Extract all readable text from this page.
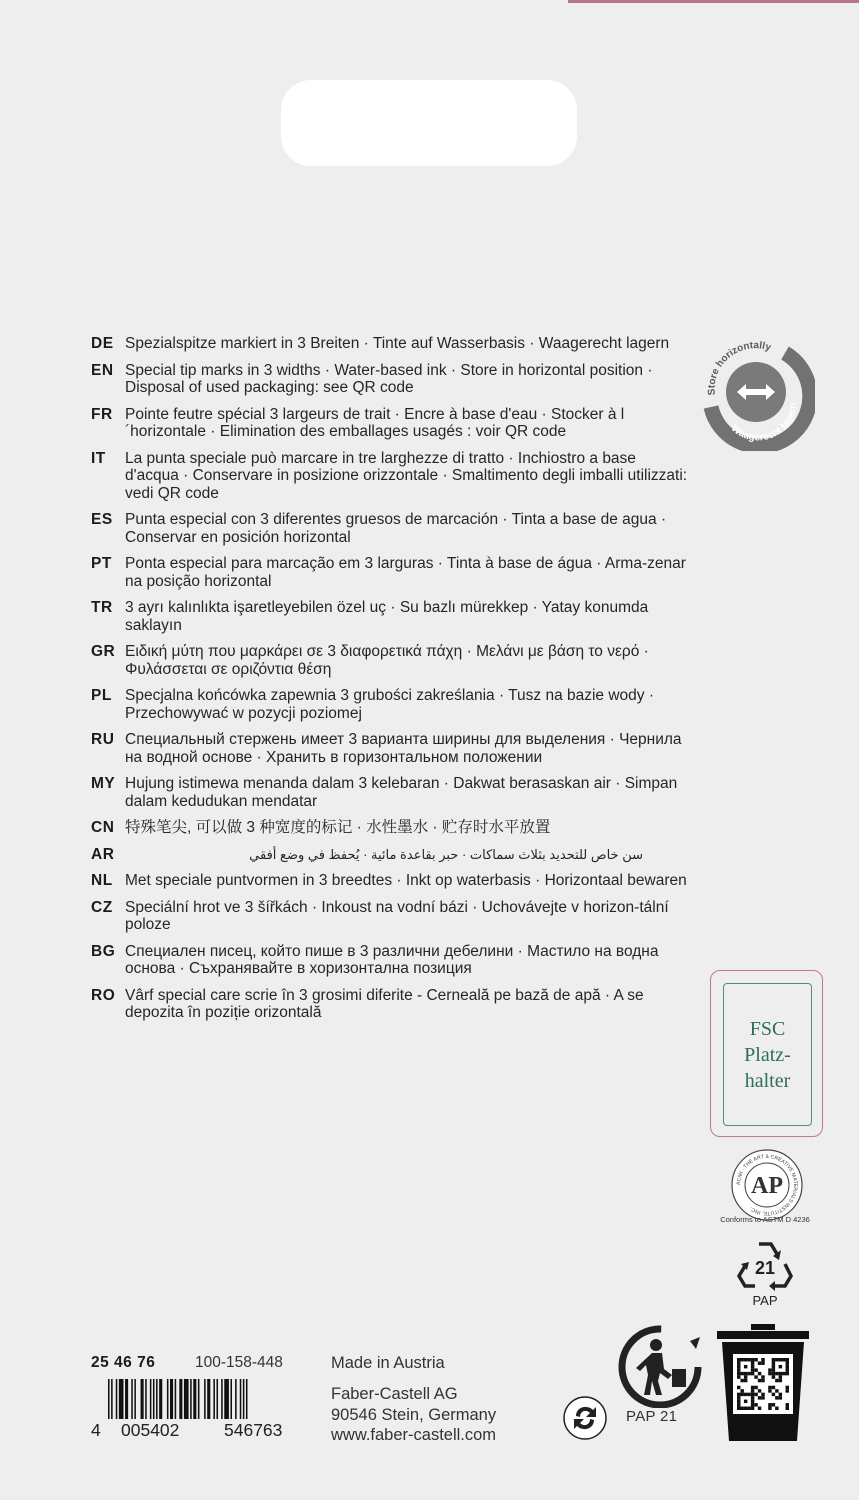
DE Spezialspitze markiert in 3 Breiten · Tinte auf Wasserbasis · Waagerecht lagern
EN Special tip marks in 3 widths · Water-based ink · Store in horizontal position · Disposal of used packaging: see QR code
FR Pointe feutre spécial 3 largeurs de trait · Encre à base d'eau · Stocker à l´horizontale · Elimination des emballages usagés : voir QR code
IT	La punta speciale può marcare in tre larghezze di tratto · Inchiostro a base d'acqua · Conservare in posizione orizzontale · Smaltimento degli imballi utilizzati: vedi QR code
ES Punta especial con 3 diferentes gruesos de marcación · Tinta a base de agua · Conservar en posición horizontal
PT Ponta especial para marcação em 3 larguras · Tinta à base de água · Arma-zenar na posição horizontal
TR 3 ayrı kalınlıkta işaretleyebilen özel uç · Su bazlı mürekkep · Yatay konumda saklayın
GR Ειδική μύτη που μαρκάρει σε 3 διαφορετικά πάχη · Μελάνι με βάση το νερό · Φυλάσσεται σε οριζόντια θέση
PL Specjalna końcówka zapewnia 3 grubości zakreślania · Tusz na bazie wody · Przechowywać w pozycji poziomej
RU Специальный стержень имеет 3 варианта ширины для выделения · Чернила на водной основе · Хранить в горизонтальном положении
MY Hujung istimewa menanda dalam 3 kelebaran · Dakwat berasaskan air · Simpan dalam kedudukan mendatar
CN 特殊笔尖, 可以做 3 种宽度的标记 · 水性墨水 · 贮存时水平放置
AR	سن خاص للتحديد بثلاث سماكات · حبر بقاعدة مائية · يُحفظ في وضع أفقي
NL Met speciale puntvormen in 3 breedtes · Inkt op waterbasis · Horizontaal bewaren
CZ Speciální hrot ve 3 šířkách · Inkoust na vodní bázi · Uchovávejte v horizon-tální poloze
BG Специален писец, който пише в 3 различни дебелини · Мастило на водна основа · Съхранявайте в хоризонтална позиция
RO Vârf special care scrie în 3 grosimi diferite - Cerneală pe bază de apă · A se depozita în poziție orizontală
Store horizontally
Waagerecht lagern
FSC
Platz-
halter
ACMI · THE ART & CREATIVE MATERIALS INSTITUTE, INC.
AP
Conforms to ASTM D 4236
21
PAP
25 46 76	100-158-448	Made in Austria
Faber-Castell AG
90546 Stein, Germany
www.faber-castell.com
4 005402	546763
PAP 21
